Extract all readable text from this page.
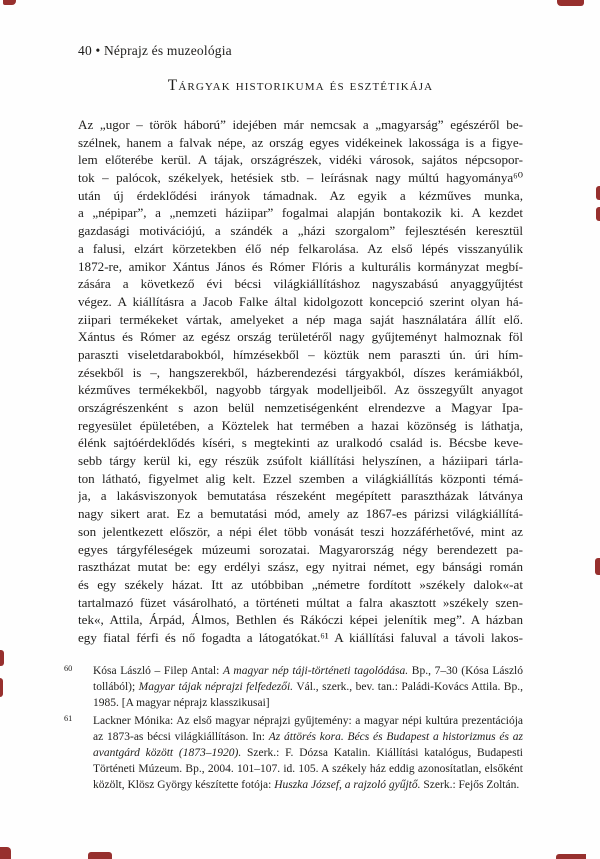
40 • Néprajz és muzeológia
Tárgyak historikuma és esztétikája
Az „ugor – török háború” idejében már nemcsak a „magyarság” egészéről be-
szélnek, hanem a falvak népe, az ország egyes vidékeinek lakossága is a figye-
lem előterébe kerül. A tájak, országrészek, vidéki városok, sajátos népcsopor-
tok – palócok, székelyek, hetésiek stb. – leírásnak nagy múltú hagyománya⁶⁰
után új érdeklődési irányok támadnak. Az egyik a kézműves munka,
a „népipar”, a „nemzeti háziipar” fogalmai alapján bontakozik ki. A kezdet
gazdasági motivációjú, a szándék a „házi szorgalom” fejlesztésén keresztül
a falusi, elzárt körzetekben élő nép felkarolása. Az első lépés visszanyúlik
1872-re, amikor Xántus János és Rómer Flóris a kulturális kormányzat megbí-
zására a következő évi bécsi világkiállításhoz nagyszabású anyaggyűjtést
végez. A kiállításra a Jacob Falke által kidolgozott koncepció szerint olyan há-
ziipari termékeket vártak, amelyeket a nép maga saját használatára állít elő.
Xántus és Rómer az egész ország területéről nagy gyűjteményt halmoznak föl
paraszti viseletdarabokból, hímzésekből – köztük nem paraszti ún. úri hím-
zésekből is –, hangszerekből, házberendezési tárgyakból, díszes kerámiákból,
kézműves termékekből, nagyobb tárgyak modelljeiből. Az összegyűlt anyagot
országrészenként s azon belül nemzetiségenként elrendezve a Magyar Ipa-
regyesület épületében, a Köztelek hat termében a hazai közönség is láthatja,
élénk sajtóérdeklődés kíséri, s megtekinti az uralkodó család is. Bécsbe keve-
sebb tárgy kerül ki, egy részük zsúfolt kiállítási helyszínen, a háziipari tárla-
ton látható, figyelmet alig kelt. Ezzel szemben a világkiállítás központi témá-
ja, a lakásviszonyok bemutatása részeként megépített parasztházak látványa
nagy sikert arat. Ez a bemutatási mód, amely az 1867-es párizsi világkiállítá-
son jelentkezett először, a népi élet több vonását teszi hozzáférhetővé, mint az
egyes tárgyféleségek múzeumi sorozatai. Magyarország négy berendezett pa-
rasztházat mutat be: egy erdélyi szász, egy nyitrai német, egy bánsági román
és egy székely házat. Itt az utóbbiban „németre fordított »székely dalok«-at
tartalmazó füzet vásárolható, a történeti múltat a falra akasztott »székely szen-
tek«, Attila, Árpád, Álmos, Bethlen és Rákóczi képei jelenítik meg”. A házban
egy fiatal férfi és nő fogadta a látogatókat.⁶¹ A kiállítási faluval a távoli lakos-
60 Kósa László – Filep Antal: A magyar nép táji-történeti tagolódása. Bp., 7–30 (Kósa László tollából); Magyar tájak néprajzi felfedezői. Vál., szerk., bev. tan.: Paládi-Kovács Attila. Bp., 1985. [A magyar néprajz klasszikusai]
61 Lackner Mónika: Az első magyar néprajzi gyűjtemény: a magyar népi kultúra prezentációja az 1873-as bécsi világkiállításon. In: Az áttörés kora. Bécs és Budapest a historizmus és az avantgárd között (1873–1920). Szerk.: F. Dózsa Katalin. Kiállítási katalógus, Budapesti Történeti Múzeum. Bp., 2004. 101–107. id. 105. A székely ház eddig azonosítatlan, elsőként közölt, Klösz György készítette fotója: Huszka József, a rajzoló gyűjtő. Szerk.: Fejős Zoltán.
